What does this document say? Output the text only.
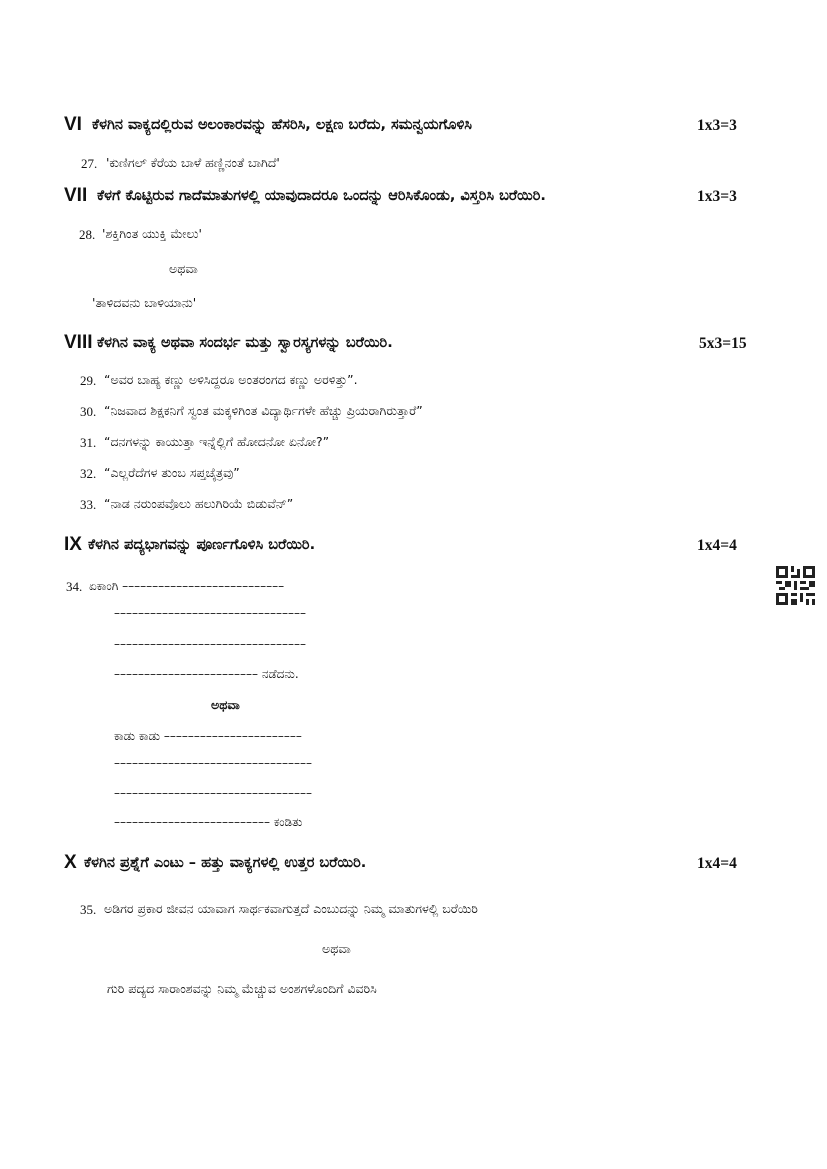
VI ಕೆಳಗಿನ ವಾಕ್ಯದಲ್ಲಿರುವ ಅಲಂಕಾರವನ್ನು ಹೆಸರಿಸಿ, ಲಕ್ಷಣ ಬರೆದು, ಸಮನ್ವಯಗೊಳಿಸಿ	1x3=3
27. 'ಕುಣಿಗಲ್ ಕೆರೆಯ ಬಾಳೆ ಹಣ್ಣಿನಂತೆ ಬಾಗಿದೆ'
VII ಕೆಳಗೆ ಕೊಟ್ಟಿರುವ ಗಾದೆಮಾತುಗಳಲ್ಲಿ ಯಾವುದಾದರೂ ಒಂದನ್ನು ಆರಿಸಿಕೊಂಡು, ವಿಸ್ತರಿಸಿ ಬರೆಯಿರಿ.	1x3=3
28. 'ಶಕ್ತಿಗಿಂತ ಯುಕ್ತಿ ಮೇಲು'
ಅಥವಾ
'ತಾಳಿದವನು ಬಾಳಿಯಾನು'
VIII ಕೆಳಗಿನ ವಾಕ್ಯ ಅಥವಾ ಸಂದರ್ಭ ಮತ್ತು ಸ್ವಾರಸ್ಯಗಳನ್ನು ಬರೆಯಿರಿ.	5x3=15
29. “ಅವರ ಬಾಹ್ಯ ಕಣ್ಣು ಅಳಿಸಿದ್ದರೂ ಅಂತರಂಗದ ಕಣ್ಣು ಅರಳಿತ್ತು”.
30. “ನಿಜವಾದ ಶಿಕ್ಷಕನಿಗೆ ಸ್ವಂತ ಮಕ್ಕಳಿಗಿಂತ ವಿದ್ಯಾರ್ಥಿಗಳೇ ಹೆಚ್ಚು ಪ್ರಿಯರಾಗಿರುತ್ತಾರೆ”
31. “ದನಗಳನ್ನು ಕಾಯುತ್ತಾ ಇನ್ನೆಲ್ಲಿಗೆ ಹೋದನೋ ಏನೋ?”
32. “ಎಲ್ಲರೆದೆಗಳ ತುಂಬ ಸಪ್ತಚೈತ್ರವು”
33. “ನಾಡ ನರುಂಪವೊಲು ಹಲುಗಿರಿಯೆ ಬಿಡುವೆನ್”
IX ಕೆಳಗಿನ ಪದ್ಯಭಾಗವನ್ನು ಪೂರ್ಣಗೊಳಿಸಿ ಬರೆಯಿರಿ.	1x4=4
34. ಏಕಾಂಗಿ –––––––––––––––––––––––––––
––––––––––––––––––––––––––––––––
––––––––––––––––––––––––––––––––
–––––––––––––––––––––––– ನಡೆದನು.
ಅಥವಾ
ಕಾಡು ಕಾಡು –––––––––––––––––––––––
–––––––––––––––––––––––––––––––––
–––––––––––––––––––––––––––––––––
–––––––––––––––––––––––––– ಕಂಡಿತು
X ಕೆಳಗಿನ ಪ್ರಶ್ನೆಗೆ ಎಂಟು – ಹತ್ತು ವಾಕ್ಯಗಳಲ್ಲಿ ಉತ್ತರ ಬರೆಯಿರಿ.	1x4=4
35. ಅಡಿಗರ ಪ್ರಕಾರ ಜೀವನ ಯಾವಾಗ ಸಾರ್ಥಕವಾಗುತ್ತದೆ ಎಂಬುದನ್ನು ನಿಮ್ಮ ಮಾತುಗಳಲ್ಲಿ ಬರೆಯಿರಿ
ಅಥವಾ
ಗುರಿ ಪದ್ಯದ ಸಾರಾಂಶವನ್ನು ನಿಮ್ಮ ಮೆಚ್ಚುವ ಅಂಶಗಳೊಂದಿಗೆ ವಿವರಿಸಿ
